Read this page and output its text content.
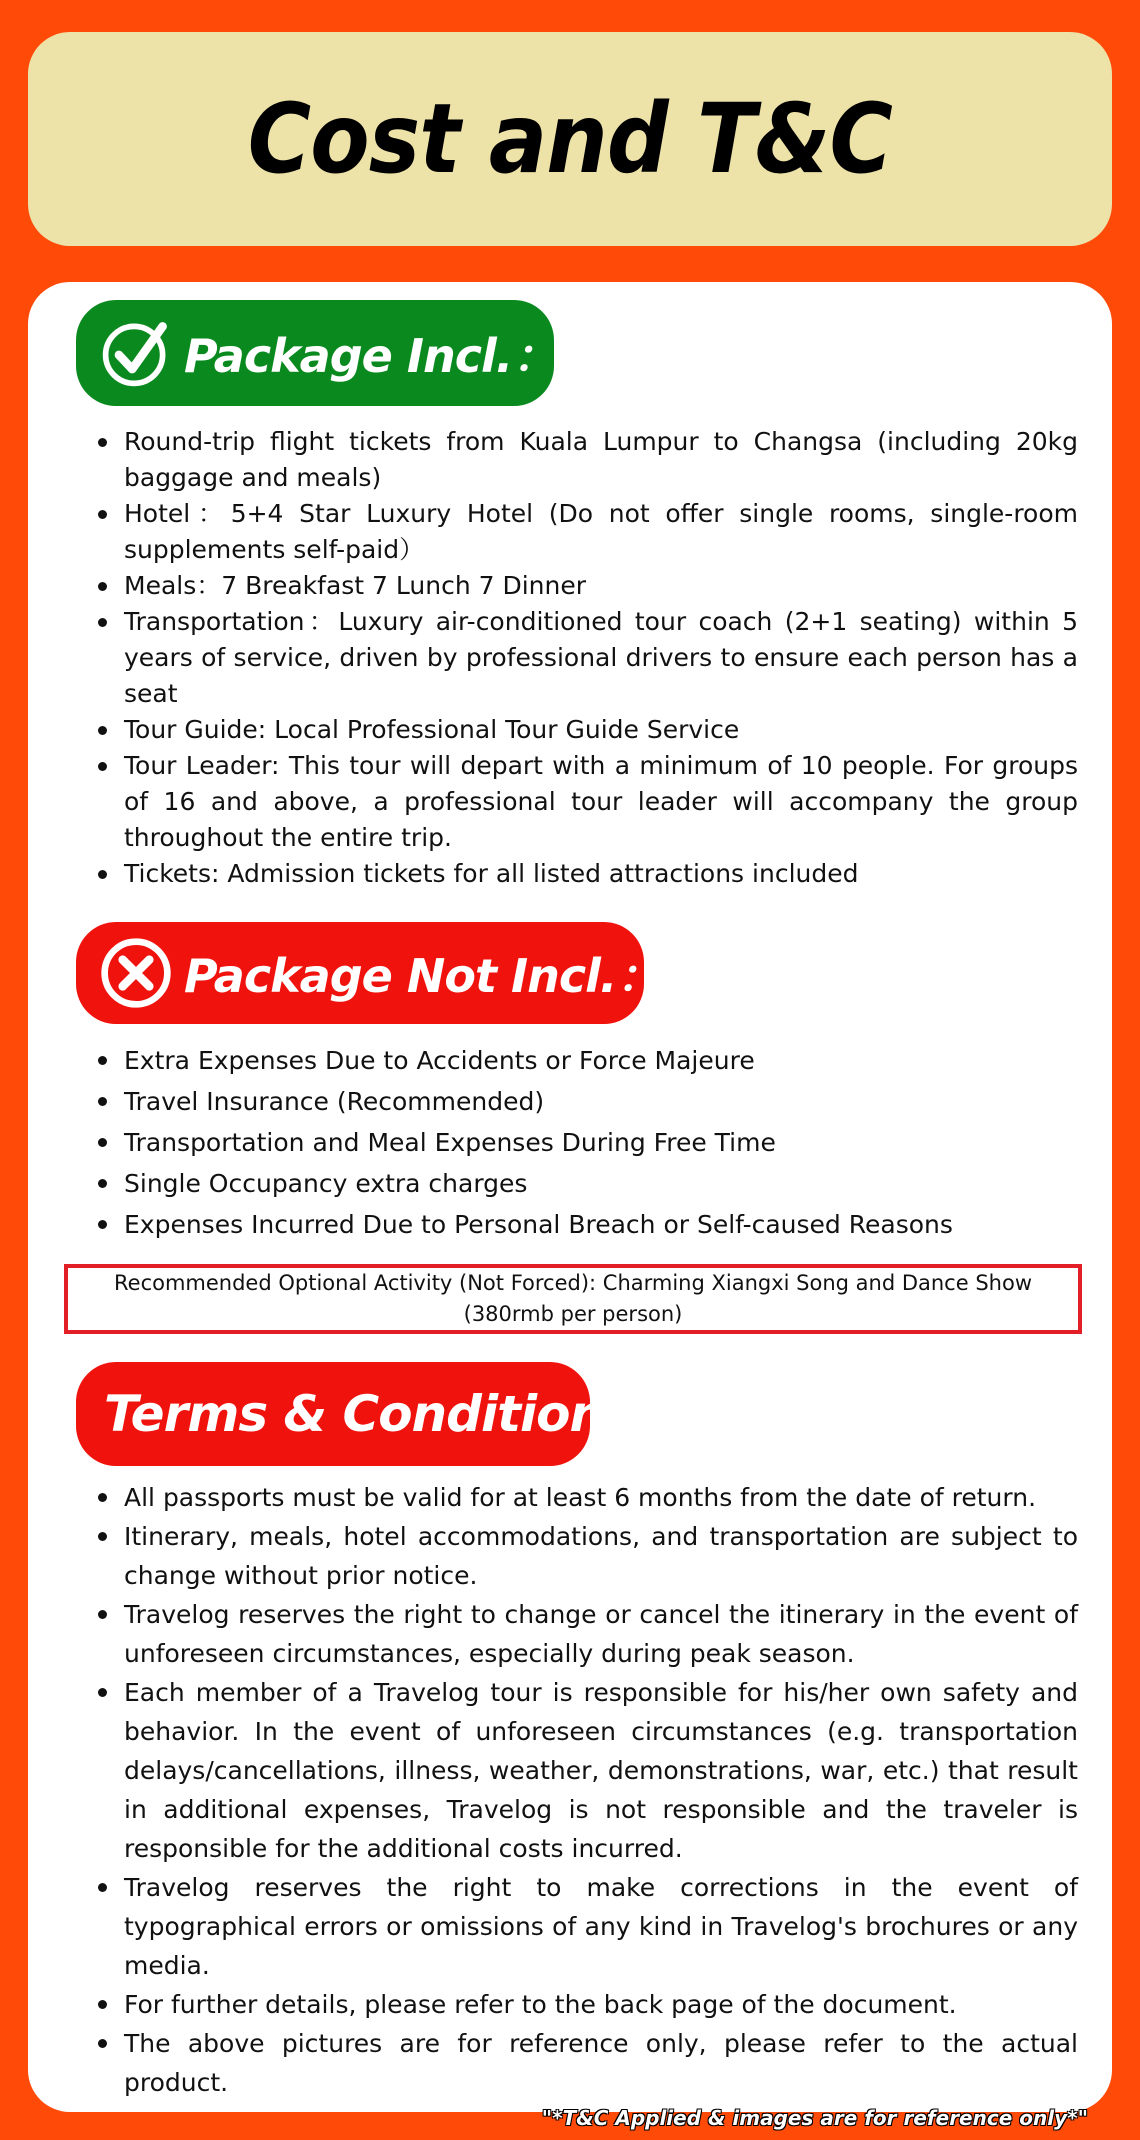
Cost and T&C
Package Incl.：
Round-trip flight tickets from Kuala Lumpur to Changsa (including 20kg baggage and meals)
Hotel：5+4 Star Luxury Hotel (Do not offer single rooms, single-room supplements self-paid）
Meals：7 Breakfast 7 Lunch 7 Dinner
Transportation：Luxury air-conditioned tour coach (2+1 seating) within 5 years of service, driven by professional drivers to ensure each person has a seat
Tour Guide: Local Professional Tour Guide Service
Tour Leader: This tour will depart with a minimum of 10 people. For groups of 16 and above, a professional tour leader will accompany the group throughout the entire trip.
Tickets: Admission tickets for all listed attractions included
Package Not Incl.：
Extra Expenses Due to Accidents or Force Majeure
Travel Insurance (Recommended)
Transportation and Meal Expenses During Free Time
Single Occupancy extra charges
Expenses Incurred Due to Personal Breach or Self-caused Reasons
Recommended Optional Activity (Not Forced): Charming Xiangxi Song and Dance Show (380rmb per person)
Terms & Conditions
All passports must be valid for at least 6 months from the date of return.
Itinerary, meals, hotel accommodations, and transportation are subject to change without prior notice.
Travelog reserves the right to change or cancel the itinerary in the event of unforeseen circumstances, especially during peak season.
Each member of a Travelog tour is responsible for his/her own safety and behavior. In the event of unforeseen circumstances (e.g. transportation delays/cancellations, illness, weather, demonstrations, war, etc.) that result in additional expenses, Travelog is not responsible and the traveler is responsible for the additional costs incurred.
Travelog reserves the right to make corrections in the event of typographical errors or omissions of any kind in Travelog's brochures or any media.
For further details, please refer to the back page of the document.
The above pictures are for reference only, please refer to the actual product.
"*T&C Applied & images are for reference only*"
